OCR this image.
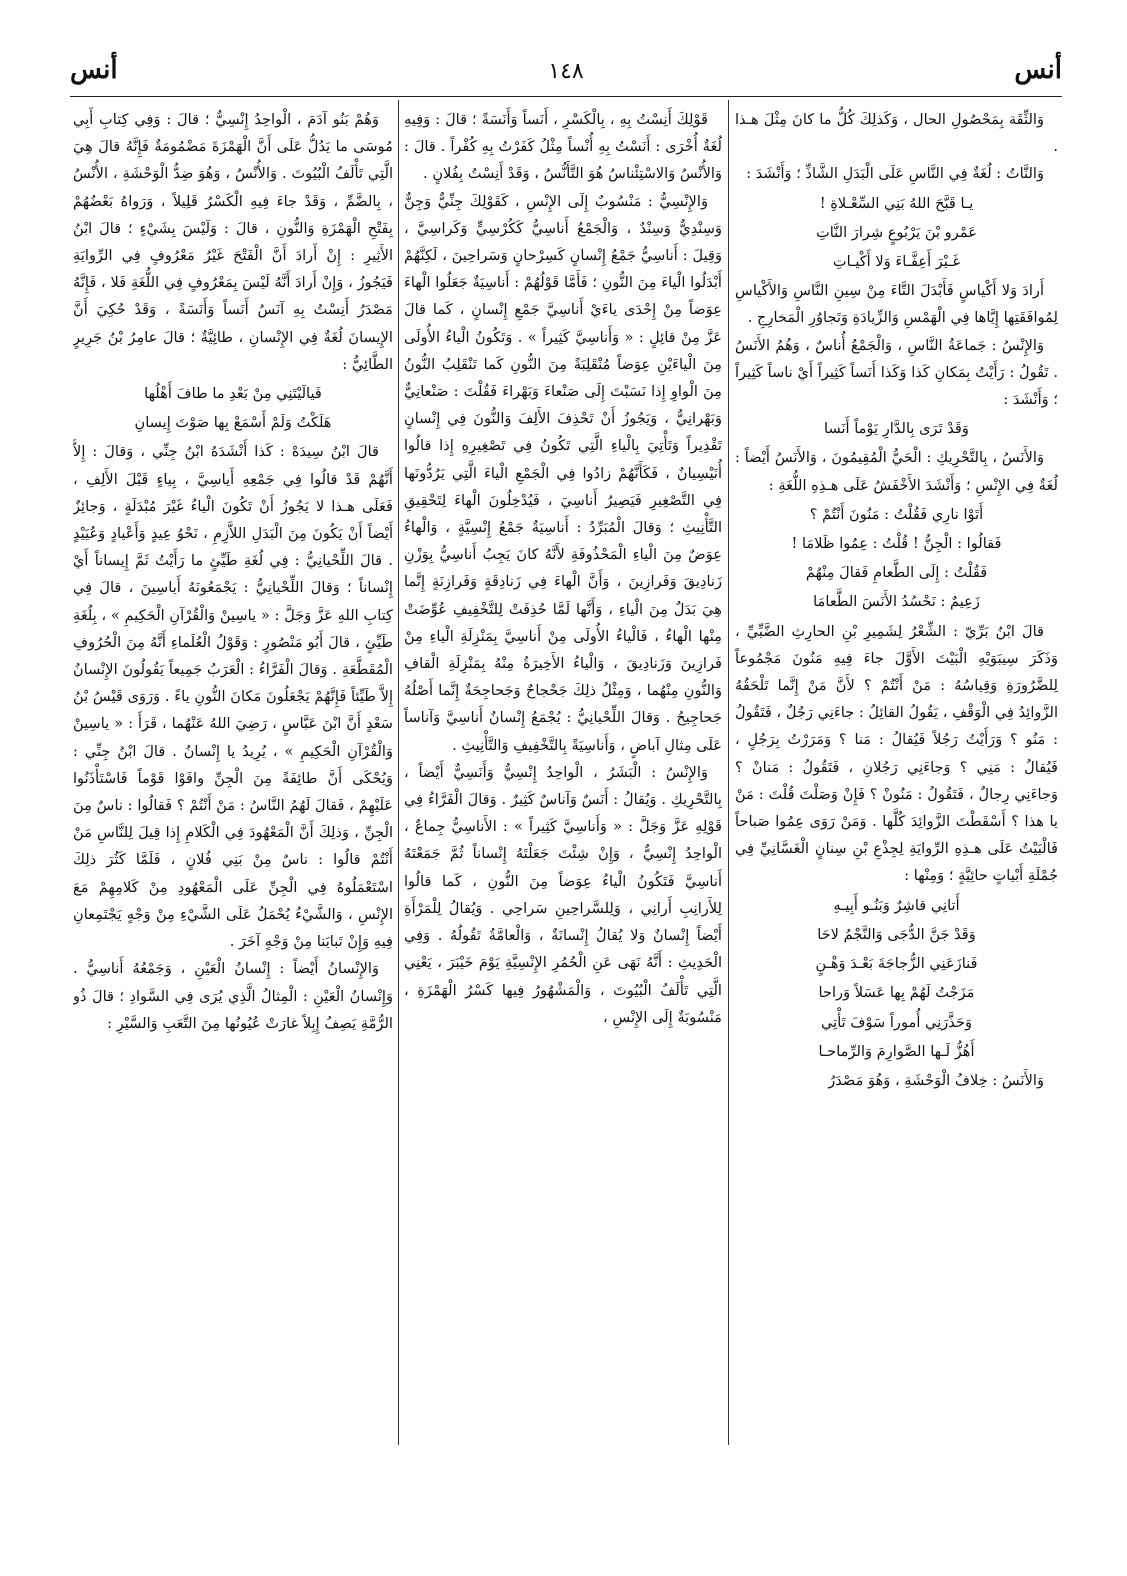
أنس
١٤٨
أنس

وَالثِّقَة بِمَحْصُولِ الحال ، وَكَذلِكَ كُلُّ ما كانَ مِثْلَ هـذا .

وَالنَّاتُ : لُغَةٌ فِي النَّاسِ عَلَى الْبَدَلِ الشَّاذِّ ؛ وَأَنْشَدَ :

يـا قَبَّحَ اللهُ بَنِي السِّعْـلاةِ !

عَمْرو بْنَ يَرْبُوعٍ شِرارَ النَّاتِ

غَـيْرَ أَعِفَّـاءَ وَلا أَكْيـاتِ

أَرادَ وَلا أَكْياسٍ فَأَبْدَلَ التَّاءَ مِنْ سِينِ النَّاسِ وَالأَكْياسِ لِمُوافَقَتِها إِيَّاها فِي الْهَمْسِ وَالزِّيادَةِ وَتَجاوُرِ الْمَخارِجِ .

وَالإِنْسُ : جَماعَةُ النَّاسِ ، وَالْجَمْعُ أُناسٌ ، وَهُمُ الأَنَسُ . تَقُولُ : رَأَيْتُ بِمَكانِ كَذا وَكَذا أَنَساً كَثِيراً أَيْ ناساً كَثِيراً ؛ وَأَنْشَدَ :

وَقَدْ تَرَى بِالدَّارِ يَوْماً أَنَسا

وَالأَنَسُ ، بِالتَّحْرِيكِ : الْحَيُّ الْمُقِيمُونَ ، وَالأَنَسُ أَيْضاً : لُغَةٌ فِي الإِنْسِ ؛ وَأَنْشَدَ الأَخْفَشُ عَلَى هـذِهِ اللُّغَةِ :

أَتَوْا نارِي فَقُلْتُ : مَنُونَ أَنْتُمْ ؟

فَقالُوا : الْجِنُّ ! قُلْتُ : عِمُوا ظَلامَا !

فَقُلْتُ : إِلَى الطَّعامِ فَقالَ مِنْهُمْ

زَعِيمٌ : نَحْسُدُ الأَنَسَ الطَّعامَا

قالَ ابْنُ بَرِّيّ : الشِّعْرُ لِشَمِيرِ بْنِ الحارِثِ الضَّبِّيِّ ، وَذَكَرَ سِيبَوَيْهِ الْبَيْتَ الأَوَّلَ جاءَ فِيهِ مَنُونَ مَجْمُوعاً لِلضَّرُورَةِ وَقِياسُهُ : مَنْ أَنْتُمْ ؟ لأَنَّ مَنْ إِنَّما تَلْحَقُهُ الزَّوائِدُ فِي الْوَقْفِ ، يَقُولُ القائِلُ : جاءَنِي رَجُلٌ ، فَتَقُولُ : مَنُو ؟ وَرَأَيْتُ رَجُلاً فَيُقالُ : مَنا ؟ وَمَرَرْتُ بِرَجُلٍ ، فَيُقالُ : مَنِي ؟ وَجاءَنِي رَجُلانِ ، فَتَقُولُ : مَنانْ ؟ وَجاءَنِي رِجالٌ ، فَتَقُولُ : مَنُونْ ؟ فَإِنْ وَصَلْتَ قُلْتَ : مَنْ يا هذا ؟ أَسْقَطْتَ الزَّوائِدَ كُلَّها . وَمَنْ رَوَى عِمُوا صَباحاً فَالْبَيْتُ عَلَى هـذِهِ الرِّوايَةِ لِجِذْعِ بْنِ سِنانٍ الْغَسَّانِيِّ فِي جُمْلَةِ أَبْياتٍ حائِيَّةٍ ؛ وَمِنْها :

أَتانِي قاشِرٌ وَبَنُـو أَبِيـهِ

وَقَدْ جَنَّ الدُّجَى وَالنَّجْمُ لاحَا

فَنازَعَنِي الزُّجاجَةَ بَعْـدَ وَهْـنٍ

مَزَجْتُ لَهُمْ بِها عَسَلاً وَراحا

وَحَذَّرَنِي أُموراً سَوْفَ تَأْتِي

أَهُزُّ لَـها الصَّوارِمَ وَالرِّماحـا

وَالأَنَسُ : خِلافُ الْوَحْشَةِ ، وَهُوَ مَصْدَرُ

قَوْلِكَ أَنِسْتُ بِهِ ، بِالْكَسْرِ ، أَنَساً وَأَنَسَةً ؛ قالَ : وَفِيهِ لُغَةٌ أُخْرَى : أَنَسْتُ بِهِ أُنْساً مِثْلُ كَفَرْتُ بِهِ كُفْراً . قالَ : وَالأُنْسُ وَالاسْتِئْناسُ هُوَ التَّأَنُّسُ ، وَقَدْ أَنِسْتُ بِفُلانٍ .

وَالإِنْسِيُّ : مَنْسُوبٌ إِلَى الإِنْسِ ، كَقَوْلِكَ جِنِّيٌّ وَجِنٌّ وَسِنْدِيٌّ وَسِنْدٌ ، وَالْجَمْعُ أَناسِيُّ كَكُرْسِيٍّ وَكَراسِيَّ ، وَقِيلَ : أَناسِيُّ جَمْعُ إِنْسانٍ كَسِرْحانٍ وَسَراحِينَ ، لَكِنَّهُمْ أَبْدَلُوا الْياءَ مِنَ النُّونِ ؛ فَأَمَّا قَوْلُهُمْ : أَناسِيَةٌ جَعَلُوا الْهاءَ عِوَضاً مِنْ إِحْدَى ياءَيْ أَناسِيَّ جَمْعِ إِنْسانٍ ، كَما قالَ عَزَّ مِنْ قائِلٍ : « وَأَناسِيَّ كَثِيراً » . وَتَكُونُ الْياءُ الأُولَى مِنَ الْياءَيْنِ عِوَضاً مُنْقَلِبَةً مِنَ النُّونِ كَما تَنْقَلِبُ النُّونُ مِنَ الْواوِ إِذا نَسَبْتَ إِلَى صَنْعاءَ وَبَهْراءَ فَقُلْتَ : صَنْعانِيٌّ وَبَهْرانِيٌّ ، وَيَجُوزُ أَنْ تَحْذِفَ الأَلِفَ وَالنُّونَ فِي إِنْسانٍ تَقْدِيراً وَتَأْتِيَ بِالْياءِ الَّتِي تَكُونُ فِي تَصْغِيرِهِ إِذا قالُوا أُنَيْسِيانٌ ، فَكَأَنَّهُمْ زادُوا فِي الْجَمْعِ الْياءَ الَّتِي يَرُدُّونَها فِي التَّصْغِيرِ فَيَصِيرُ أَناسِيَ ، فَيُدْخِلُونَ الْهاءَ لِتَحْقِيقِ التَّأْنِيثِ ؛ وَقالَ الْمُبَرِّدُ : أَناسِيَةٌ جَمْعُ إِنْسِيَّةٍ ، وَالْهاءُ عِوَضٌ مِنَ الْياءِ الْمَحْذُوفَةِ لأَنَّهُ كانَ يَجِبُ أَناسِيُّ بِوَزْنِ زَنادِيقَ وَفَرازِينَ ، وَأَنَّ الْهاءَ فِي زَنادِقَةٍ وَفَرازِنَةٍ إِنَّما هِيَ بَدَلٌ مِنَ الْياءِ ، وَأَنَّها لَمَّا حُذِفَتْ لِلتَّخْفِيفِ عُوِّضَتْ مِنْها الْهاءُ ، فَالْياءُ الأُولَى مِنْ أَناسِيَّ بِمَنْزِلَةِ الْياءِ مِنْ فَرازِينَ وَزَنادِيقَ ، وَالْياءُ الأَخِيرَةُ مِنْهُ بِمَنْزِلَةِ الْقافِ وَالنُّونِ مِنْهُما ، وَمِثْلُ ذلِكَ جَحْجاحٌ وَجَحاجِحَةٌ إِنَّما أَصْلُهُ جَحاجِيحُ . وَقالَ اللِّحْيانِيُّ : يُجْمَعُ إِنْسانٌ أَناسِيَّ وَآناساً عَلَى مِثالِ آباضٍ ، وَأَناسِيَةً بِالتَّخْفِيفِ وَالتَّأْنِيثِ .

وَالإِنْسُ : الْبَشَرُ ، الْواحِدُ إِنْسِيٌّ وَأَنَسِيٌّ أَيْضاً ، بِالتَّحْرِيكِ . وَيُقالُ : أَنَسٌ وَآناسٌ كَثِيرٌ . وَقالَ الْفَرَّاءُ فِي قَوْلِهِ عَزَّ وَجَلَّ : « وَأَناسِيَّ كَثِيراً » : الأَناسِيُّ جِماعٌ ، الْواحِدُ إِنْسِيٌّ ، وَإِنْ شِئْتَ جَعَلْتَهُ إِنْساناً ثُمَّ جَمَعْتَهُ أَناسِيَّ فَتَكُونُ الْياءُ عِوَضاً مِنَ النُّونِ ، كَما قالُوا لِلأَرانِبِ أَرانِي ، وَلِلسَّراحِينِ سَراحِي . وَيُقالُ لِلْمَرْأَةِ أَيْضاً إِنْسانٌ وَلا يُقالُ إِنْسانَةٌ ، وَالْعامَّةُ تَقُولُهُ . وَفِي الْحَدِيثِ : أَنَّهُ نَهَى عَنِ الْحُمُرِ الإِنْسِيَّةِ يَوْمَ خَيْبَرَ ، يَعْنِي الَّتِي تَأْلَفُ الْبُيُوتَ ، وَالْمَشْهُورُ فِيها كَسْرُ الْهَمْزَةِ ، مَنْسُوبَةٌ إِلَى الإِنْسِ ،

وَهُمْ بَنُو آدَمَ ، الْواحِدُ إِنْسِيٌّ ؛ قالَ : وَفِي كِتابِ أَبِي مُوسَى ما يَدُلُّ عَلَى أَنَّ الْهَمْزَةَ مَضْمُومَةٌ فَإِنَّهُ قالَ هِيَ الَّتِي تَأْلَفُ الْبُيُوتَ . وَالأُنْسُ ، وَهُوَ ضِدُّ الْوَحْشَةِ ، الأُنْسُ ، بِالضَّمِّ ، وَقَدْ جاءَ فِيهِ الْكَسْرُ قَلِيلاً ، وَرَواهُ بَعْضُهُمْ بِفَتْحِ الْهَمْزَةِ وَالنُّونِ ، قالَ : وَلَيْسَ بِشَيْءٍ ؛ قالَ ابْنُ الأَثِيرِ : إِنْ أَرادَ أَنَّ الْفَتْحَ غَيْرُ مَعْرُوفٍ فِي الرِّوايَةِ فَيَجُوزُ ، وَإِنْ أَرادَ أَنَّهُ لَيْسَ بِمَعْرُوفٍ فِي اللُّغَةِ فَلا ، فَإِنَّهُ مَصْدَرُ أَنِسْتُ بِهِ آنَسُ أَنَساً وَأَنَسَةً ، وَقَدْ حُكِيَ أَنَّ الإِيسانَ لُغَةٌ فِي الإِنْسانِ ، طائِيَّةٌ ؛ قالَ عامِرُ بْنُ جَرِيرٍ الطَّائِيُّ :

فَيالَيْتَنِي مِنْ بَعْدِ ما طافَ أَهْلُها

هَلَكْتُ وَلَمْ أَسْمَعْ بِها صَوْتَ إِيسانِ

قالَ ابْنُ سِيدَهْ : كَذا أَنْشَدَهُ ابْنُ جِنِّي ، وَقالَ : إِلاَّ أَنَّهُمْ قَدْ قالُوا فِي جَمْعِهِ أَياسِيَّ ، بِياءٍ قَبْلَ الأَلِفِ ، فَعَلَى هـذا لا يَجُوزُ أَنْ تَكُونَ الْياءُ غَيْرَ مُبْدَلَةٍ ، وَجائِزٌ أَيْضاً أَنْ يَكُونَ مِنَ الْبَدَلِ اللاَّزِمِ ، نَحْوُ عِيدٍ وَأَعْيادٍ وَعُيَيْدٍ . قالَ اللِّحْيانِيُّ : فِي لُغَةِ طَيِّئٍ ما رَأَيْتُ ثَمَّ إِيساناً أَيْ إِنْساناً ؛ وَقالَ اللِّحْيانِيُّ : يَجْمَعُونَهُ أَياسِينَ ، قالَ فِي كِتابِ اللهِ عَزَّ وَجَلَّ : « ياسِينْ وَالْقُرْآنِ الْحَكِيمِ » ، بِلُغَةِ طَيِّئٍ ، قالَ أَبُو مَنْصُورٍ : وَقَوْلُ الْعُلَماءِ أَنَّهُ مِنَ الْحُرُوفِ الْمُقَطَّعَةِ . وَقالَ الْفَرَّاءُ : الْعَرَبُ جَمِيعاً يَقُولُونَ الإِنْسانُ إِلاَّ طَيِّئاً فَإِنَّهُمْ يَجْعَلُونَ مَكانَ النُّونِ ياءً . وَرَوَى قَيْسُ بْنُ سَعْدٍ أَنَّ ابْنَ عَبَّاسٍ ، رَضِيَ اللهُ عَنْهُما ، قَرَأَ : « ياسِينْ وَالْقُرْآنِ الْحَكِيمِ » ، يُرِيدُ يا إِنْسانُ . قالَ ابْنُ جِنِّي : وَيُحْكَى أَنَّ طائِفَةً مِنَ الْجِنِّ وافَوْا قَوْماً فَاسْتَأْذَنُوا عَلَيْهِمْ ، فَقالَ لَهُمُ النَّاسُ : مَنْ أَنْتُمْ ؟ فَقالُوا : ناسٌ مِنَ الْجِنِّ ، وَذلِكَ أَنَّ الْمَعْهُودَ فِي الْكَلامِ إِذا قِيلَ لِلنَّاسِ مَنْ أَنْتُمْ قالُوا : ناسٌ مِنْ بَنِي فُلانٍ ، فَلَمَّا كَثُرَ ذلِكَ اسْتَعْمَلُوهُ فِي الْجِنِّ عَلَى الْمَعْهُودِ مِنْ كَلامِهِمْ مَعَ الإِنْسِ ، وَالشَّيْءُ يُحْمَلُ عَلَى الشَّيْءِ مِنْ وَجْهٍ يَجْتَمِعانِ فِيهِ وَإِنْ تَبايَنا مِنْ وَجْهٍ آخَرَ .

وَالإِنْسانُ أَيْضاً : إِنْسانُ الْعَيْنِ ، وَجَمْعُهُ أَناسِيُّ . وَإِنْسانُ الْعَيْنِ : الْمِثالُ الَّذِي يُرَى فِي السَّوادِ ؛ قالَ ذُو الرُّمَّةِ يَصِفُ إِبِلاً غارَتْ عُيُونُها مِنَ التَّعَبِ وَالسَّيْرِ :
